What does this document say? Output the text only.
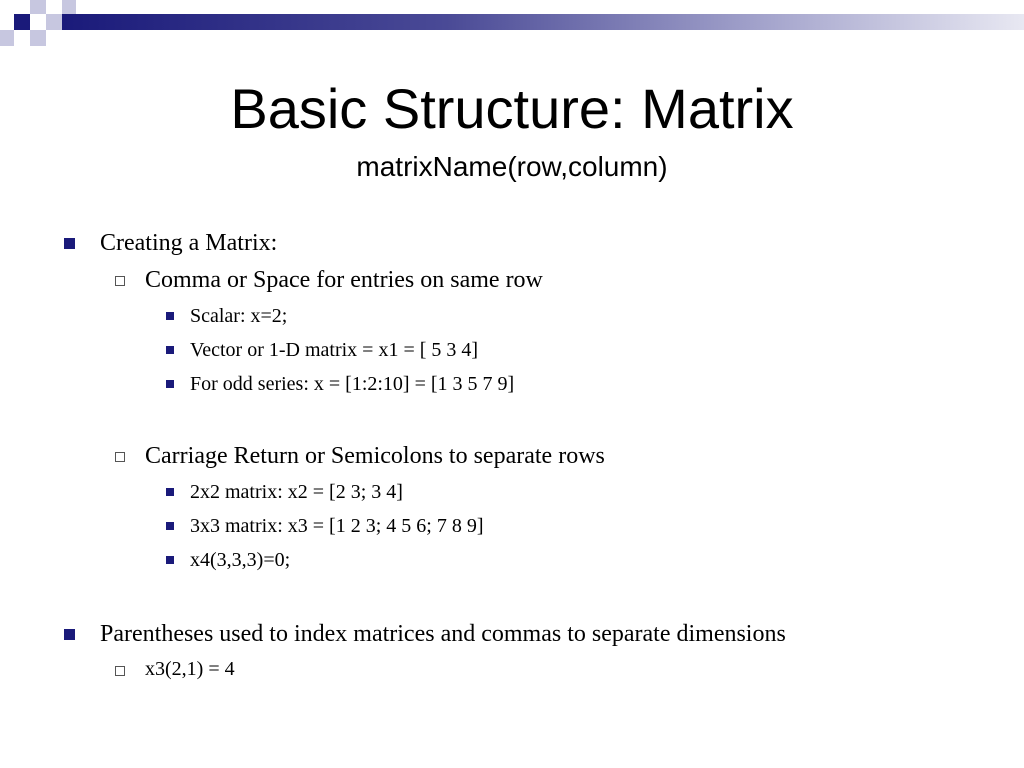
Basic Structure: Matrix
matrixName(row,column)
Creating a Matrix:
Comma or Space for entries on same row
Scalar: x=2;
Vector or 1-D matrix = x1 = [ 5 3 4]
For odd series: x = [1:2:10] = [1 3 5 7 9]
Carriage Return or Semicolons to separate rows
2x2 matrix: x2 = [2 3; 3 4]
3x3 matrix: x3 = [1 2 3; 4 5 6; 7 8 9]
x4(3,3,3)=0;
Parentheses used to index matrices and commas to separate dimensions
x3(2,1) = 4
